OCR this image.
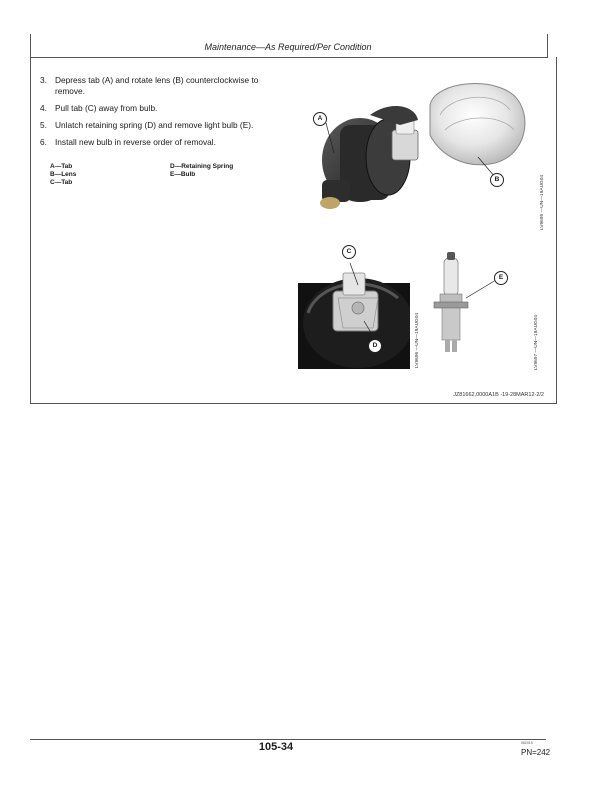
Maintenance—As Required/Per Condition
3. Depress tab (A) and rotate lens (B) counterclockwise to remove.
4. Pull tab (C) away from bulb.
5. Unlatch retaining spring (D) and remove light bulb (E).
6. Install new bulb in reverse order of removal.
A—Tab
B—Lens
C—Tab
D—Retaining Spring
E—Bulb
A
B	LV9695 —UN—19AUG04
C
D	LV9696 —UN—19AUG04
E
LV9697 —UN—19AUG04
JZ81662,0000A1B -19-28MAR12-2/2
105-34	082015
PN=242
